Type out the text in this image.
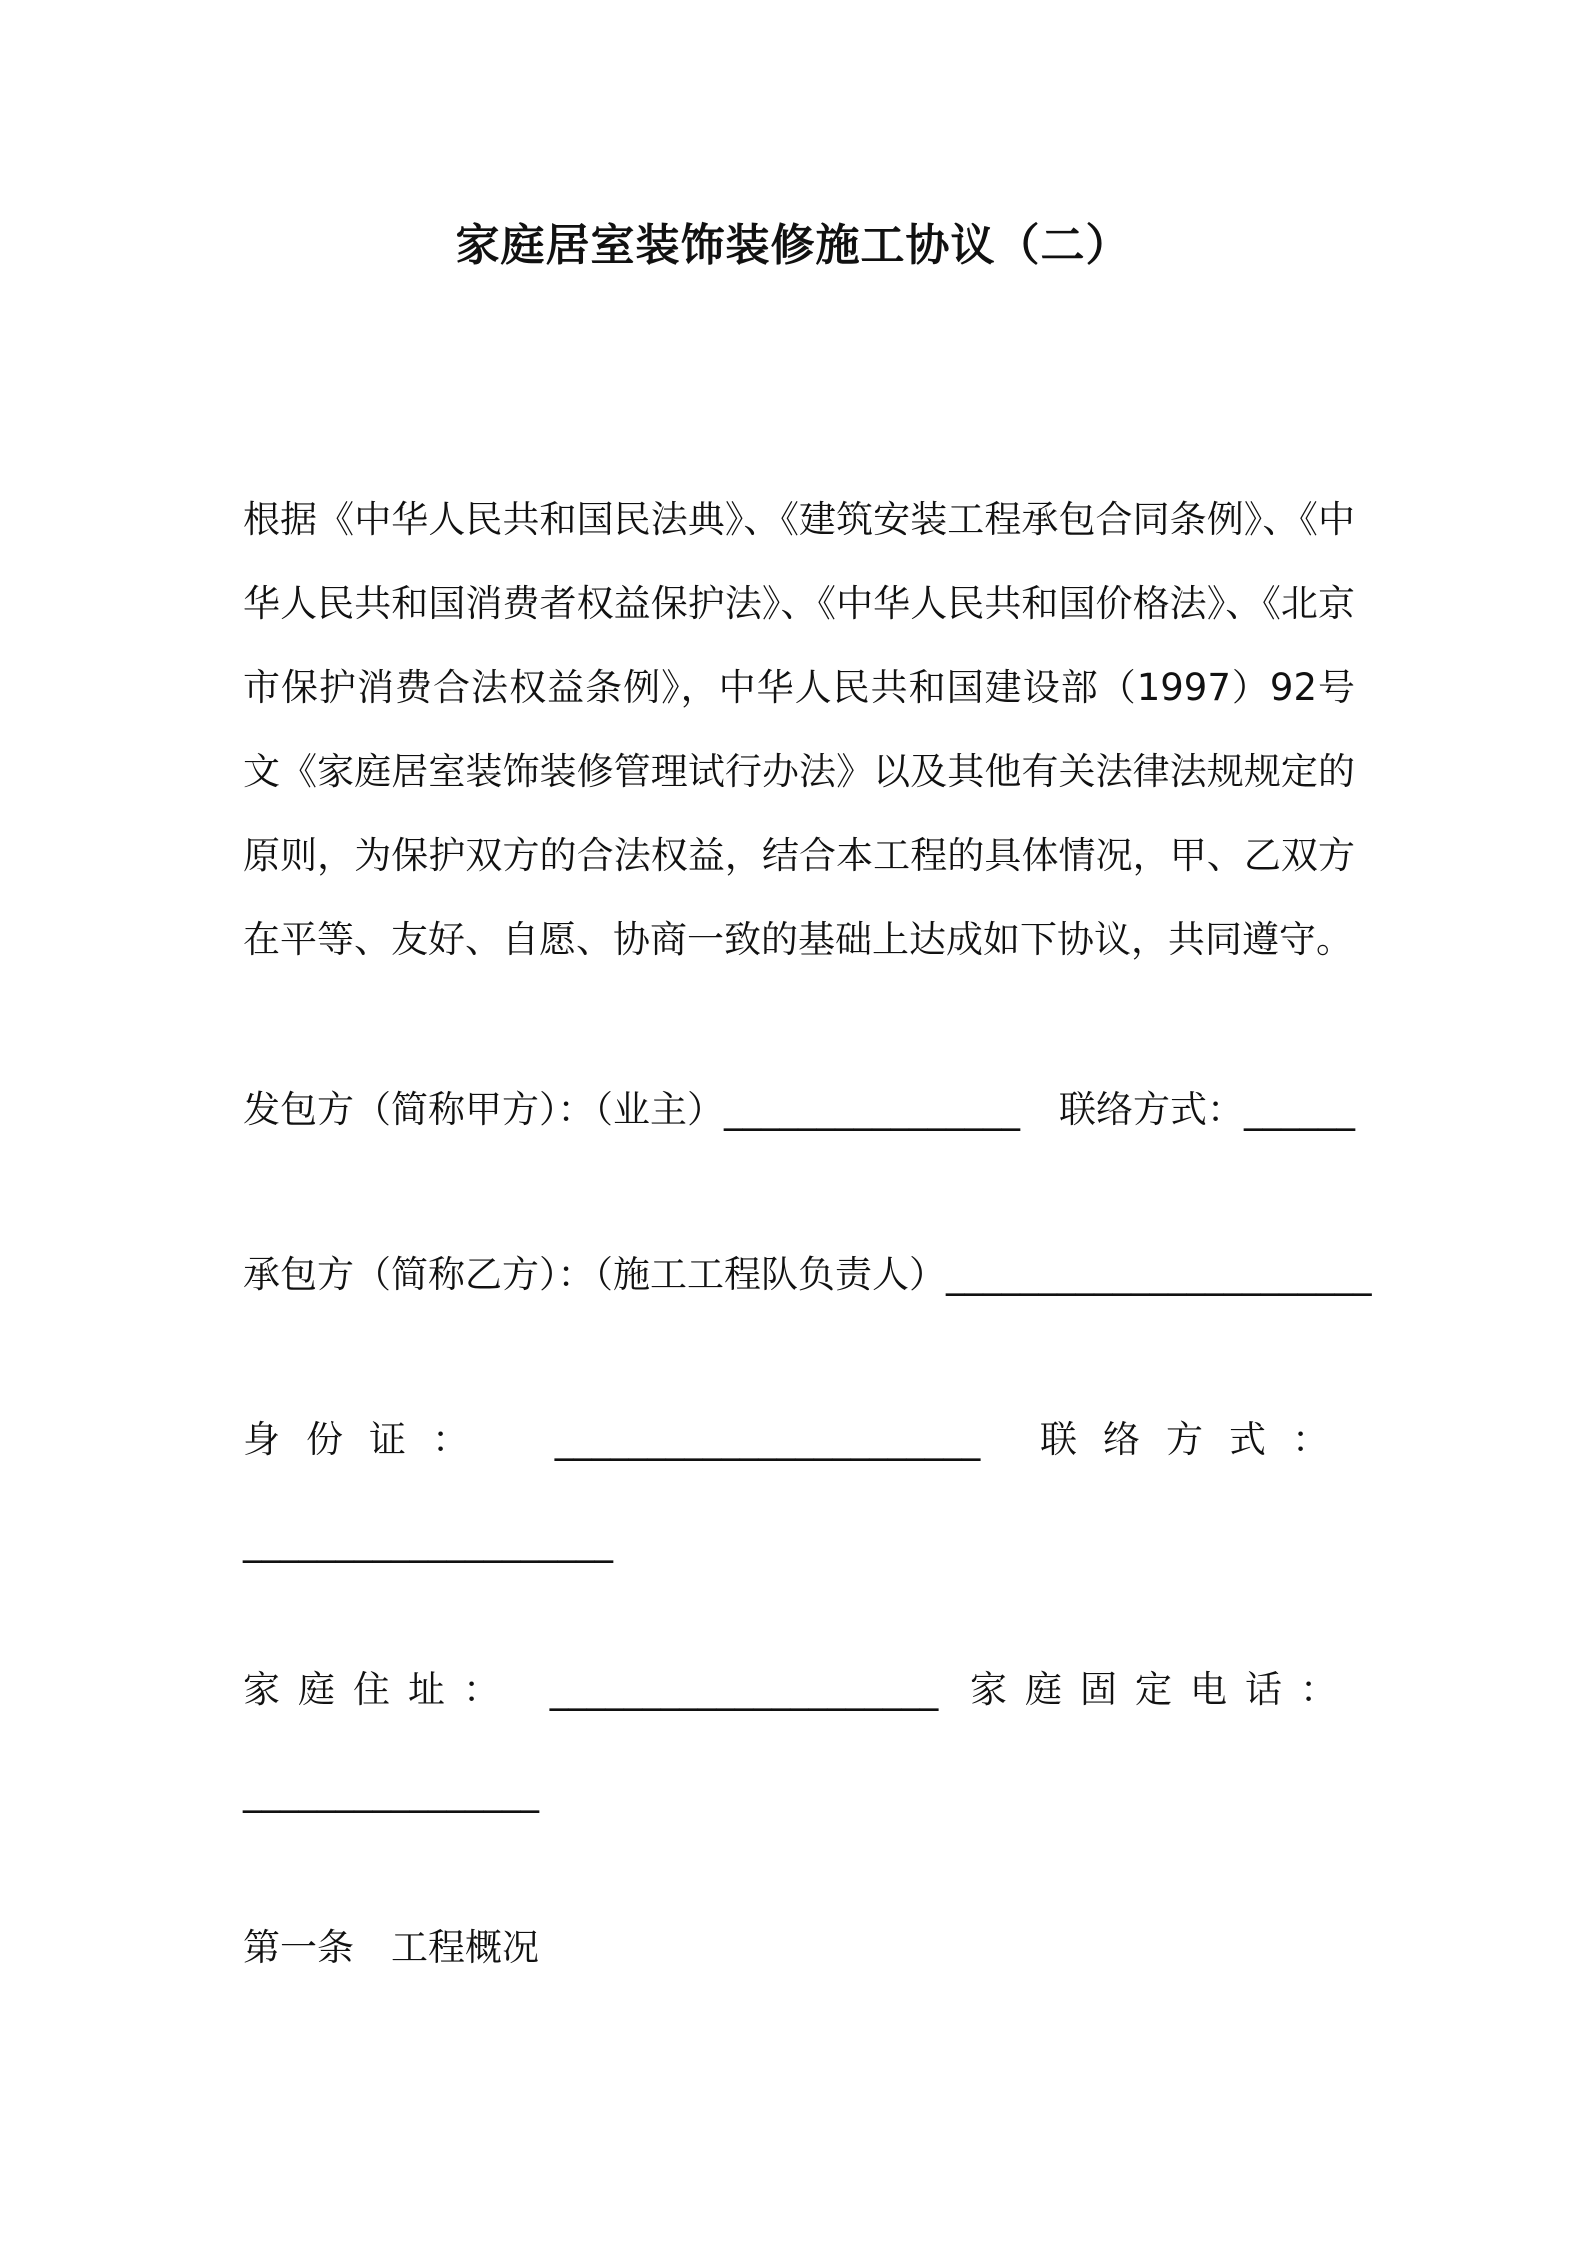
家庭居室装饰装修施工协议（二）
根据《中华人民共和国民法典》、《建筑安装工程承包合同条例》、《中华人民共和国消费者权益保护法》、《中华人民共和国价格法》、《北京市保护消费合法权益条例》，中华人民共和国建设部（1997）92号文《家庭居室装饰装修管理试行办法》以及其他有关法律法规规定的原则，为保护双方的合法权益，结合本工程的具体情况，甲、乙双方在平等、友好、自愿、协商一致的基础上达成如下协议，共同遵守。
发包方（简称甲方）：（业主）________________ 联络方式：______
承包方（简称乙方）：（施工工程队负责人）_______________________
身份证： _______________________ 联络方式：
____________________
家庭住址： _____________________ 家庭固定电话：
________________
第一条　工程概况
